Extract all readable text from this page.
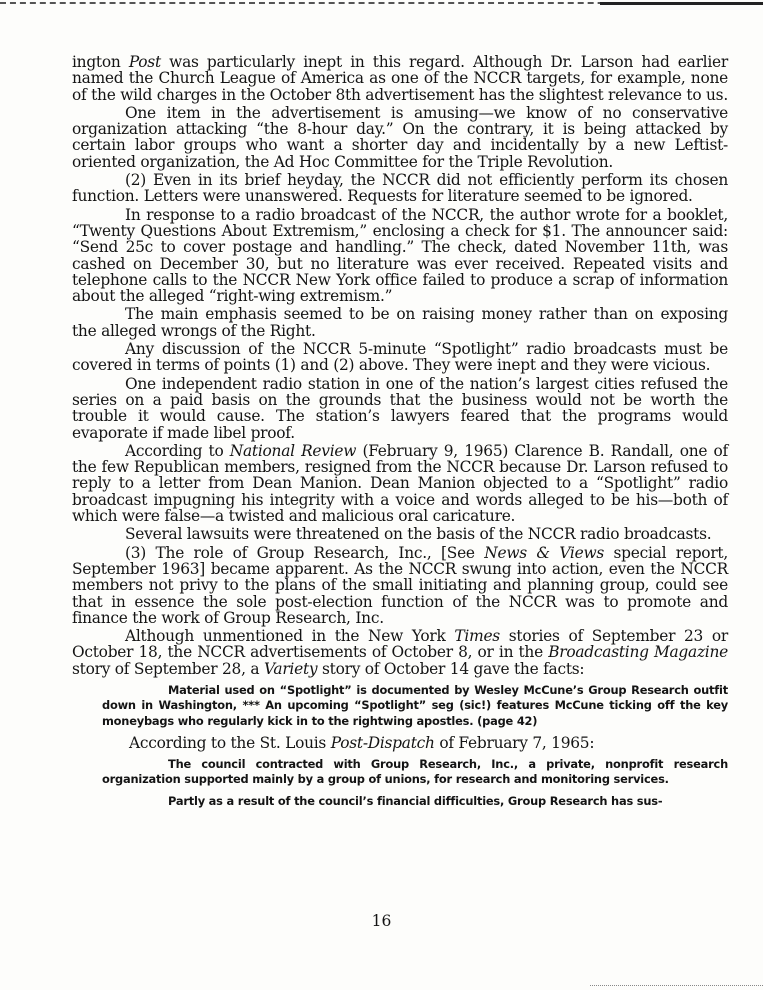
ington Post was particularly inept in this regard. Although Dr. Larson had earlier named the Church League of America as one of the NCCR targets, for example, none of the wild charges in the October 8th advertisement has the slightest relevance to us.

One item in the advertisement is amusing—we know of no conservative organization attacking “the 8-hour day.” On the contrary, it is being attacked by certain labor groups who want a shorter day and incidentally by a new Leftist-oriented organization, the Ad Hoc Committee for the Triple Revolution.

(2) Even in its brief heyday, the NCCR did not efficiently perform its chosen function. Letters were unanswered. Requests for literature seemed to be ignored.

In response to a radio broadcast of the NCCR, the author wrote for a booklet, “Twenty Questions About Extremism,” enclosing a check for $1. The announcer said: “Send 25c to cover postage and handling.” The check, dated November 11th, was cashed on December 30, but no literature was ever received. Repeated visits and telephone calls to the NCCR New York office failed to produce a scrap of information about the alleged “right-wing extremism.”

The main emphasis seemed to be on raising money rather than on exposing the alleged wrongs of the Right.

Any discussion of the NCCR 5-minute “Spotlight” radio broadcasts must be covered in terms of points (1) and (2) above. They were inept and they were vicious.

One independent radio station in one of the nation’s largest cities refused the series on a paid basis on the grounds that the business would not be worth the trouble it would cause. The station’s lawyers feared that the programs would evaporate if made libel proof.

According to National Review (February 9, 1965) Clarence B. Randall, one of the few Republican members, resigned from the NCCR because Dr. Larson refused to reply to a letter from Dean Manion. Dean Manion objected to a “Spotlight” radio broadcast impugning his integrity with a voice and words alleged to be his—both of which were false—a twisted and malicious oral caricature.

Several lawsuits were threatened on the basis of the NCCR radio broadcasts.

(3) The role of Group Research, Inc., [See News & Views special report, September 1963] became apparent. As the NCCR swung into action, even the NCCR members not privy to the plans of the small initiating and planning group, could see that in essence the sole post-election function of the NCCR was to promote and finance the work of Group Research, Inc.

Although unmentioned in the New York Times stories of September 23 or October 18, the NCCR advertisements of October 8, or in the Broadcasting Magazine story of September 28, a Variety story of October 14 gave the facts:

Material used on “Spotlight” is documented by Wesley McCune’s Group Research outfit down in Washington, *** An upcoming “Spotlight” seg (sic!) features McCune ticking off the key moneybags who regularly kick in to the rightwing apostles. (page 42)

According to the St. Louis Post-Dispatch of February 7, 1965:

The council contracted with Group Research, Inc., a private, nonprofit research organization supported mainly by a group of unions, for research and monitoring services.

Partly as a result of the council’s financial difficulties, Group Research has sus-

16
